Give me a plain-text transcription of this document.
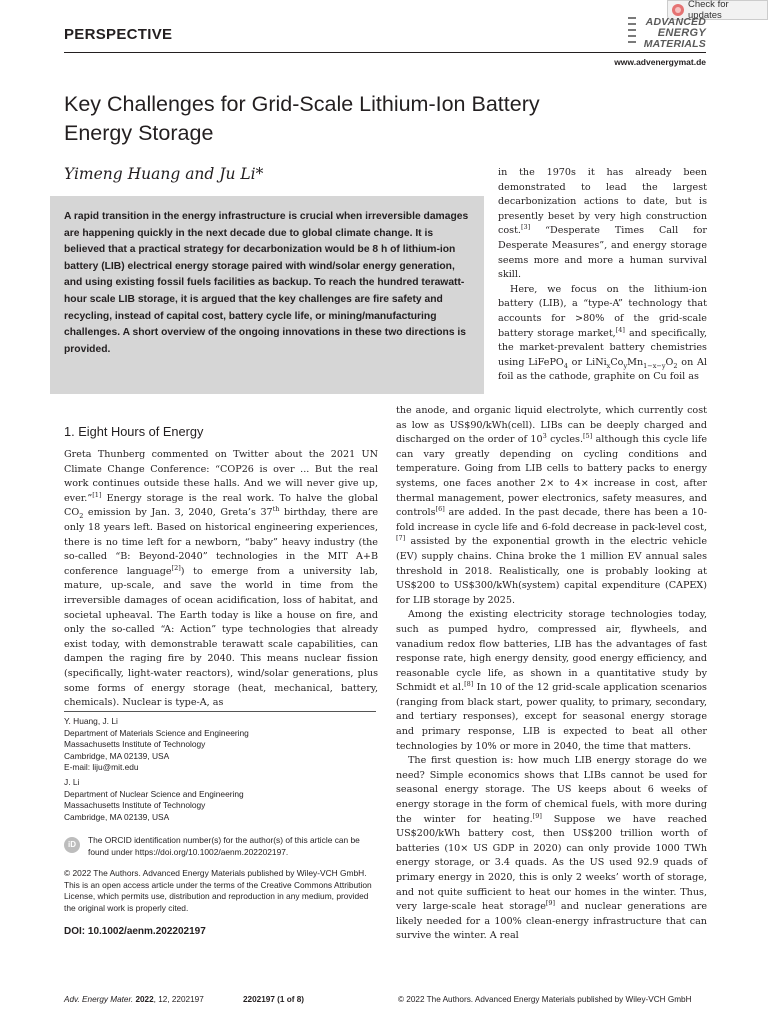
PERSPECTIVE
Check for updates
ADVANCED
ENERGY
MATERIALS
www.advenergymat.de
Key Challenges for Grid-Scale Lithium-Ion Battery
Energy Storage
Yimeng Huang and Ju Li*
A rapid transition in the energy infrastructure is crucial when irreversible damages are happening quickly in the next decade due to global climate change. It is believed that a practical strategy for decarbonization would be 8 h of lithium-ion battery (LIB) electrical energy storage paired with wind/solar energy generation, and using existing fossil fuels facilities as backup. To reach the hundred terawatt-hour scale LIB storage, it is argued that the key challenges are fire safety and recycling, instead of capital cost, battery cycle life, or mining/manufacturing challenges. A short overview of the ongoing innovations in these two directions is provided.

in the 1970s it has already been demonstrated to lead the largest decarbonization actions to date, but is presently beset by very high construction cost.[3] “Desperate Times Call for Desperate Measures”, and energy storage seems more and more a human survival skill.

Here, we focus on the lithium-ion battery (LIB), a “type-A” technology that accounts for >80% of the grid-scale battery storage market,[4] and specifically, the market-prevalent battery chemistries using LiFePO$_4$ or $LiNi_xCo_yMn_{1-x-y}O_2$ on Al foil as the cathode, graphite on Cu foil as

the anode, and organic liquid electrolyte, which currently cost as low as US$90/kWh(cell). LIBs can be deeply charged and discharged on the order of $10^3$ cycles.[5] although this cycle life can vary greatly depending on cycling conditions and temperature. Going from LIB cells to battery packs to energy systems, one faces another 2× to 4× increase in cost, after thermal management, power electronics, safety measures, and controls[6] are added. In the past decade, there has been a 10-fold increase in cycle life and 6-fold decrease in pack-level cost,[7] assisted by the exponential growth in the electric vehicle (EV) supply chains. China broke the 1 million EV annual sales threshold in 2018. Realistically, one is probably looking at US$200 to US$300/kWh(system) capital expenditure (CAPEX) for LIB storage by 2025.

Among the existing electricity storage technologies today, such as pumped hydro, compressed air, flywheels, and vanadium redox flow batteries, LIB has the advantages of fast response rate, high energy density, good energy efficiency, and reasonable cycle life, as shown in a quantitative study by Schmidt et al.[8] In 10 of the 12 grid-scale application scenarios (ranging from black start, power quality, to primary, secondary, and tertiary responses), except for seasonal energy storage and primary response, LIB is expected to beat all other technologies by 10% or more in 2040, the time that matters.

The first question is: how much LIB energy storage do we need? Simple economics shows that LIBs cannot be used for seasonal energy storage. The US keeps about 6 weeks of energy storage in the form of chemical fuels, with more during the winter for heating.[9] Suppose we have reached US$200/kWh battery cost, then US$200 trillion worth of batteries (10× US GDP in 2020) can only provide 1000 TWh energy storage, or 3.4 quads. As the US used 92.9 quads of primary energy in 2020, this is only 2 weeks’ worth of storage, and not quite sufficient to heat our homes in the winter. Thus, very large-scale heat storage[9] and nuclear generations are likely needed for a 100% clean-energy infrastructure that can survive the winter. A real

1. Eight Hours of Energy

Greta Thunberg commented on Twitter about the 2021 UN Climate Change Conference: “COP26 is over ... But the real work continues outside these halls. And we will never give up, ever.”[1] Energy storage is the real work. To halve the global $CO_2$ emission by Jan. 3, 2040, Greta’s 37th birthday, there are only 18 years left. Based on historical engineering experiences, there is no time left for a newborn, “baby” heavy industry (the so-called “B: Beyond-2040” technologies in the MIT A+B conference language[2]) to emerge from a university lab, mature, up-scale, and save the world in time from the irreversible damages of ocean acidification, loss of habitat, and societal upheaval. The Earth today is like a house on fire, and only the so-called “A: Action” type technologies that already exist today, with demonstrable terawatt scale capabilities, can dampen the raging fire by 2040. This means nuclear fission (specifically, light-water reactors), wind/solar generations, plus some forms of energy storage (heat, mechanical, battery, chemicals). Nuclear is type-A, as

Y. Huang, J. Li
Department of Materials Science and Engineering
Massachusetts Institute of Technology
Cambridge, MA 02139, USA
E-mail: liju@mit.edu
J. Li
Department of Nuclear Science and Engineering
Massachusetts Institute of Technology
Cambridge, MA 02139, USA
iD	The ORCID identification number(s) for the author(s) of this article can be found under https://doi.org/10.1002/aenm.202202197.
© 2022 The Authors. Advanced Energy Materials published by Wiley-VCH GmbH. This is an open access article under the terms of the Creative Commons Attribution License, which permits use, distribution and reproduction in any medium, provided the original work is properly cited.
DOI: 10.1002/aenm.202202197
Adv. Energy Mater. 2022, 12, 2202197	2202197 (1 of 8)	© 2022 The Authors. Advanced Energy Materials published by Wiley-VCH GmbH
